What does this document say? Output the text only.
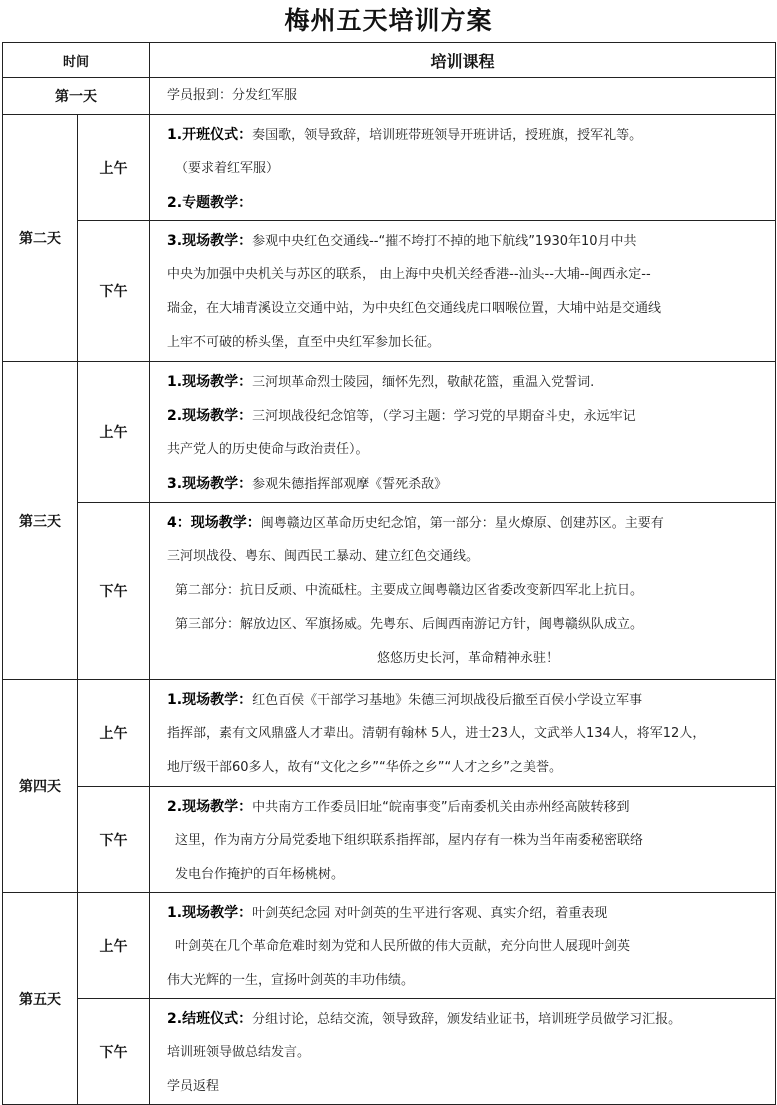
梅州五天培训方案
时间		培训课程
第一天		学员报到：分发红军服

第二天	上午	1.开班仪式：奏国歌，领导致辞，培训班带班领导开班讲话，授班旗，授军礼等。
（要求着红军服）
2.专题教学：

	下午	3.现场教学：参观中央红色交通线--“摧不垮打不掉的地下航线”1930年10月中共
中央为加强中央机关与苏区的联系， 由上海中央机关经香港--汕头--大埔--闽西永定--
瑞金，在大埔青溪设立交通中站，为中央红色交通线虎口咽喉位置，大埔中站是交通线
上牢不可破的桥头堡，直至中央红军参加长征。

第三天	上午	1.现场教学：三河坝革命烈士陵园，缅怀先烈，敬献花篮，重温入党誓词.
2.现场教学：三河坝战役纪念馆等，（学习主题：学习党的早期奋斗史，永远牢记
共产党人的历史使命与政治责任）。
3.现场教学：参观朱德指挥部观摩《誓死杀敌》

	下午	4：现场教学：闽粤赣边区革命历史纪念馆，第一部分：星火燎原、创建苏区。主要有
三河坝战役、粤东、闽西民工暴动、建立红色交通线。
第二部分：抗日反顽、中流砥柱。主要成立闽粤赣边区省委改变新四军北上抗日。
第三部分：解放边区、军旗扬威。先粤东、后闽西南游记方针，闽粤赣纵队成立。
悠悠历史长河，革命精神永驻！

第四天	上午	1.现场教学：红色百侯《干部学习基地》朱德三河坝战役后撤至百侯小学设立军事
指挥部，素有文风鼎盛人才辈出。清朝有翰林 5人，进士23人，文武举人134人，将军12人，
地厅级干部60多人，故有“文化之乡”“华侨之乡”“人才之乡”之美誉。

	下午	2.现场教学：中共南方工作委员旧址“皖南事变”后南委机关由赤州经高陂转移到
这里，作为南方分局党委地下组织联系指挥部，屋内存有一株为当年南委秘密联络
发电台作掩护的百年杨桃树。

第五天	上午	1.现场教学：叶剑英纪念园 对叶剑英的生平进行客观、真实介绍，着重表现
叶剑英在几个革命危难时刻为党和人民所做的伟大贡献，充分向世人展现叶剑英
伟大光辉的一生，宣扬叶剑英的丰功伟绩。

	下午	2.结班仪式：分组讨论，总结交流，领导致辞，颁发结业证书，培训班学员做学习汇报。
培训班领导做总结发言。
学员返程
